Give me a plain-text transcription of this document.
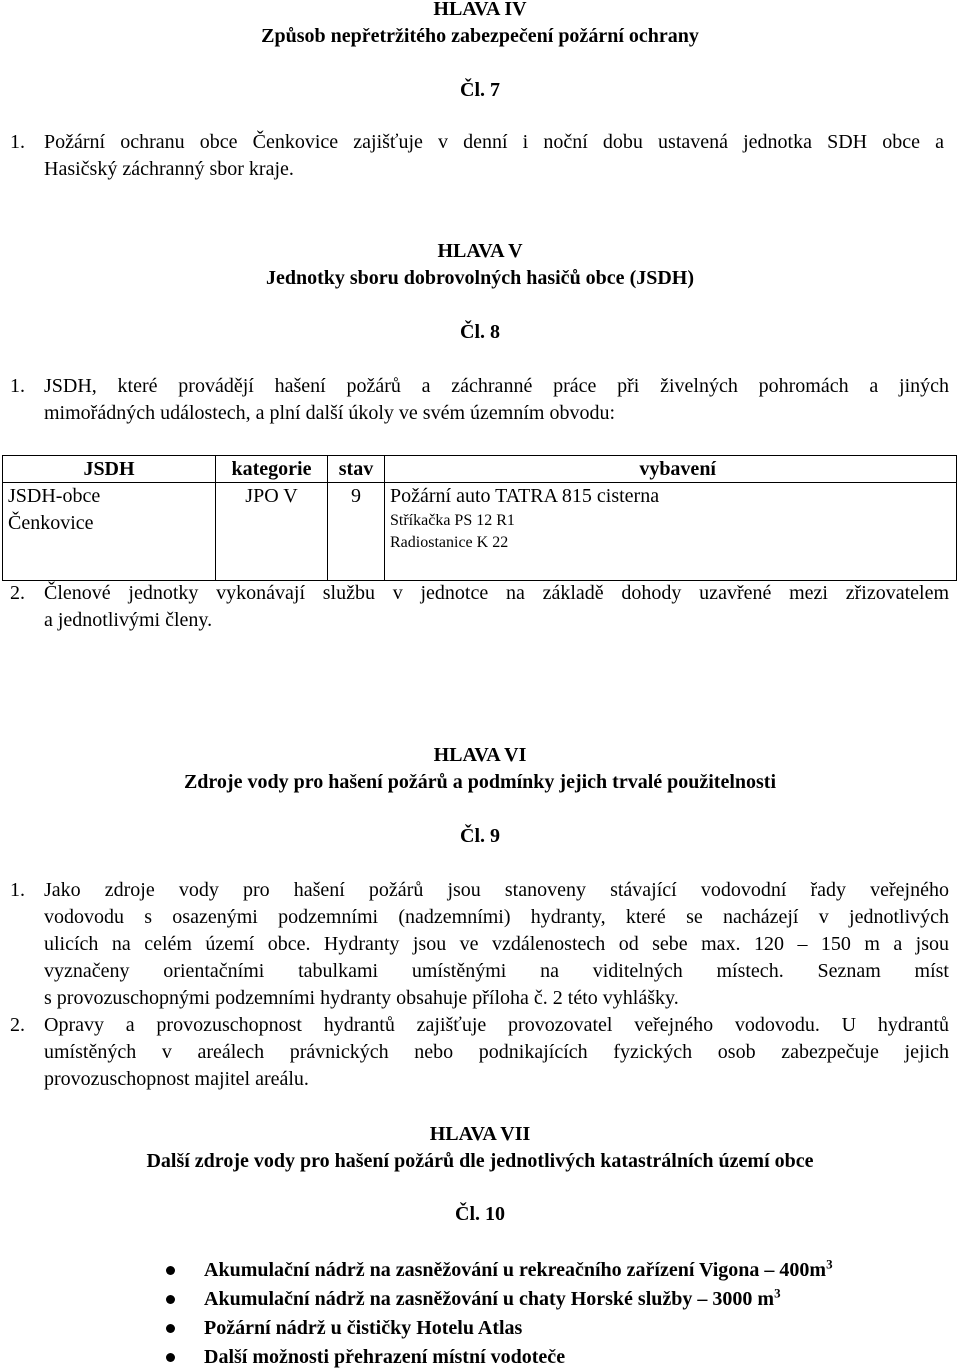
HLAVA IV
Způsob nepřetržitého zabezpečení požární ochrany
Čl. 7
1. Požární ochranu obce Čenkovice zajišťuje v denní i noční dobu ustavená jednotka SDH obce a
Hasičský záchranný sbor kraje.
HLAVA V
Jednotky sboru dobrovolných hasičů obce (JSDH)
Čl. 8
1. JSDH, které provádějí hašení požárů a záchranné práce při živelných pohromách a jiných
mimořádných událostech, a plní další úkoly ve svém územním obvodu:
JSDH	kategorie	stav	vybavení

JSDH-obce
Čenkovice	JPO V	9	Požární auto TATRA 815 cisterna
Stříkačka PS 12 R1
Radiostanice K 22
2. Členové jednotky vykonávají službu v jednotce na základě dohody uzavřené mezi zřizovatelem
a jednotlivými členy.
HLAVA VI
Zdroje vody pro hašení požárů a podmínky jejich trvalé použitelnosti
Čl. 9
1. Jako zdroje vody pro hašení požárů jsou stanoveny stávající vodovodní řady veřejného
vodovodu s osazenými podzemními (nadzemními) hydranty, které se nacházejí v jednotlivých
ulicích na celém území obce. Hydranty jsou ve vzdálenostech od sebe max. 120 – 150 m a jsou
vyznačeny orientačními tabulkami umístěnými na viditelných místech. Seznam míst
s provozuschopnými podzemními hydranty obsahuje příloha č. 2 této vyhlášky.
2. Opravy a provozuschopnost hydrantů zajišťuje provozovatel veřejného vodovodu. U hydrantů
umístěných v areálech právnických nebo podnikajících fyzických osob zabezpečuje jejich
provozuschopnost majitel areálu.
HLAVA VII
Další zdroje vody pro hašení požárů dle jednotlivých katastrálních území obce
Čl. 10
Akumulační nádrž na zasněžování u rekreačního zařízení Vigona – $400m^3$
Akumulační nádrž na zasněžování u chaty Horské služby – 3000 $m^3$
Požární nádrž u čističky Hotelu Atlas
Další možnosti přehrazení místní vodoteče
